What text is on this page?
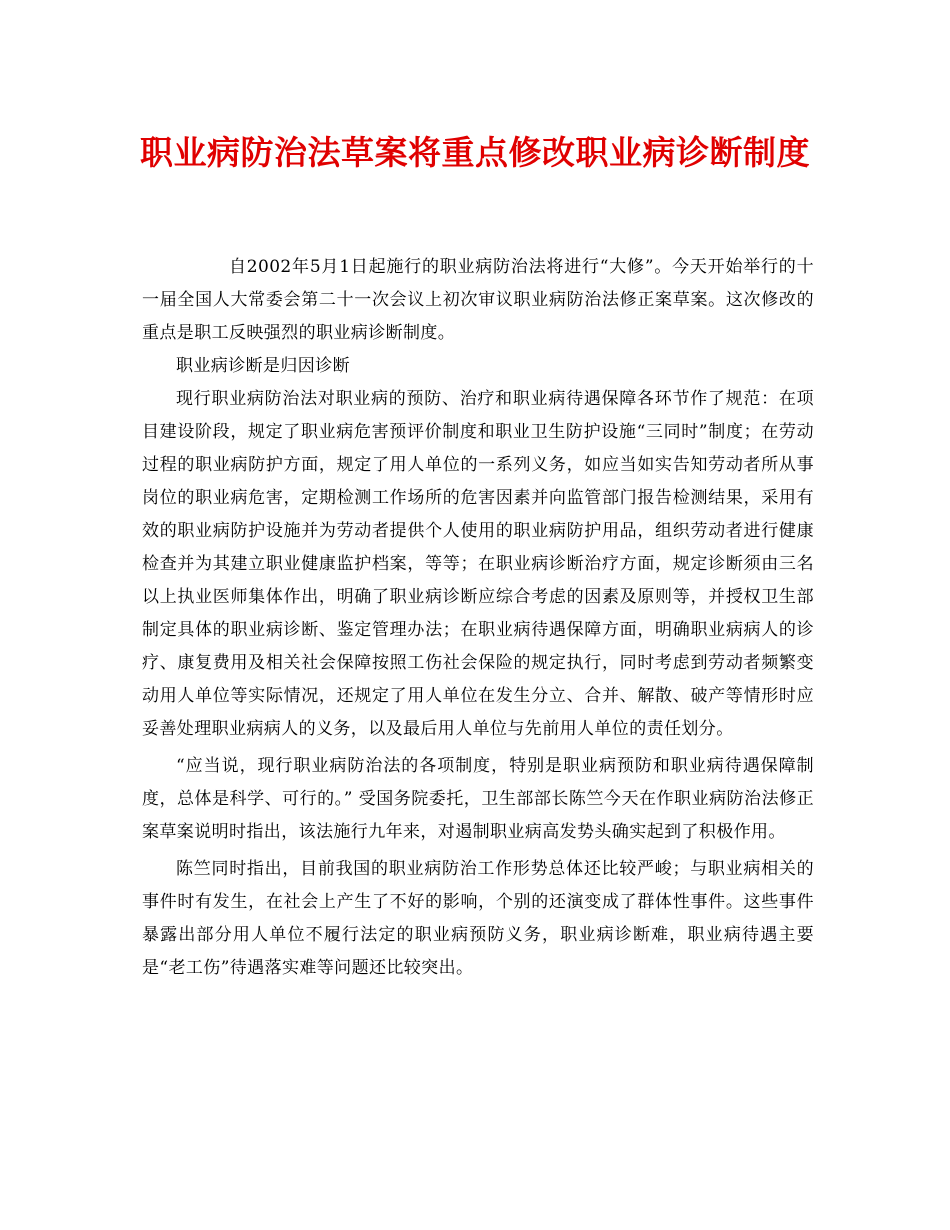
职业病防治法草案将重点修改职业病诊断制度

自2002年5月1日起施行的职业病防治法将进行“大修”。今天开始举行的十一届全国人大常委会第二十一次会议上初次审议职业病防治法修正案草案。这次修改的重点是职工反映强烈的职业病诊断制度。

职业病诊断是归因诊断

现行职业病防治法对职业病的预防、治疗和职业病待遇保障各环节作了规范：在项目建设阶段，规定了职业病危害预评价制度和职业卫生防护设施“三同时”制度；在劳动过程的职业病防护方面，规定了用人单位的一系列义务，如应当如实告知劳动者所从事岗位的职业病危害，定期检测工作场所的危害因素并向监管部门报告检测结果，采用有效的职业病防护设施并为劳动者提供个人使用的职业病防护用品，组织劳动者进行健康检查并为其建立职业健康监护档案，等等；在职业病诊断治疗方面，规定诊断须由三名以上执业医师集体作出，明确了职业病诊断应综合考虑的因素及原则等，并授权卫生部制定具体的职业病诊断、鉴定管理办法；在职业病待遇保障方面，明确职业病病人的诊疗、康复费用及相关社会保障按照工伤社会保险的规定执行，同时考虑到劳动者频繁变动用人单位等实际情况，还规定了用人单位在发生分立、合并、解散、破产等情形时应妥善处理职业病病人的义务，以及最后用人单位与先前用人单位的责任划分。

“应当说，现行职业病防治法的各项制度，特别是职业病预防和职业病待遇保障制度，总体是科学、可行的。” 受国务院委托，卫生部部长陈竺今天在作职业病防治法修正案草案说明时指出，该法施行九年来，对遏制职业病高发势头确实起到了积极作用。

陈竺同时指出，目前我国的职业病防治工作形势总体还比较严峻；与职业病相关的事件时有发生，在社会上产生了不好的影响，个别的还演变成了群体性事件。这些事件暴露出部分用人单位不履行法定的职业病预防义务，职业病诊断难，职业病待遇主要是“老工伤”待遇落实难等问题还比较突出。
